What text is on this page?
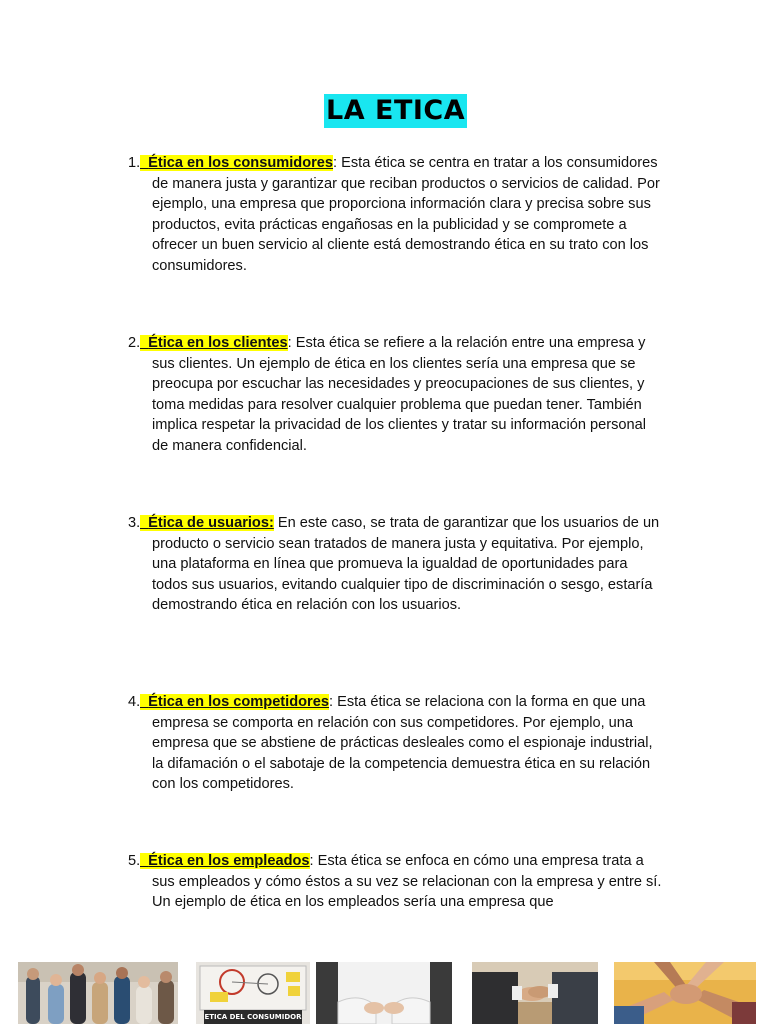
LA ETICA

1. Ética en los consumidores: Esta ética se centra en tratar a los consumidores de manera justa y garantizar que reciban productos o servicios de calidad. Por ejemplo, una empresa que proporciona información clara y precisa sobre sus productos, evita prácticas engañosas en la publicidad y se compromete a ofrecer un buen servicio al cliente está demostrando ética en su trato con los consumidores.

2. Ética en los clientes: Esta ética se refiere a la relación entre una empresa y sus clientes. Un ejemplo de ética en los clientes sería una empresa que se preocupa por escuchar las necesidades y preocupaciones de sus clientes, y toma medidas para resolver cualquier problema que puedan tener. También implica respetar la privacidad de los clientes y tratar su información personal de manera confidencial.

3. Ética de usuarios: En este caso, se trata de garantizar que los usuarios de un producto o servicio sean tratados de manera justa y equitativa. Por ejemplo, una plataforma en línea que promueva la igualdad de oportunidades para todos sus usuarios, evitando cualquier tipo de discriminación o sesgo, estaría demostrando ética en relación con los usuarios.

4. Ética en los competidores: Esta ética se relaciona con la forma en que una empresa se comporta en relación con sus competidores. Por ejemplo, una empresa que se abstiene de prácticas desleales como el espionaje industrial, la difamación o el sabotaje de la competencia demuestra ética en su relación con los competidores.

5. Ética en los empleados: Esta ética se enfoca en cómo una empresa trata a sus empleados y cómo éstos a su vez se relacionan con la empresa y entre sí. Un ejemplo de ética en los empleados sería una empresa que

ETICA DEL CONSUMIDOR
